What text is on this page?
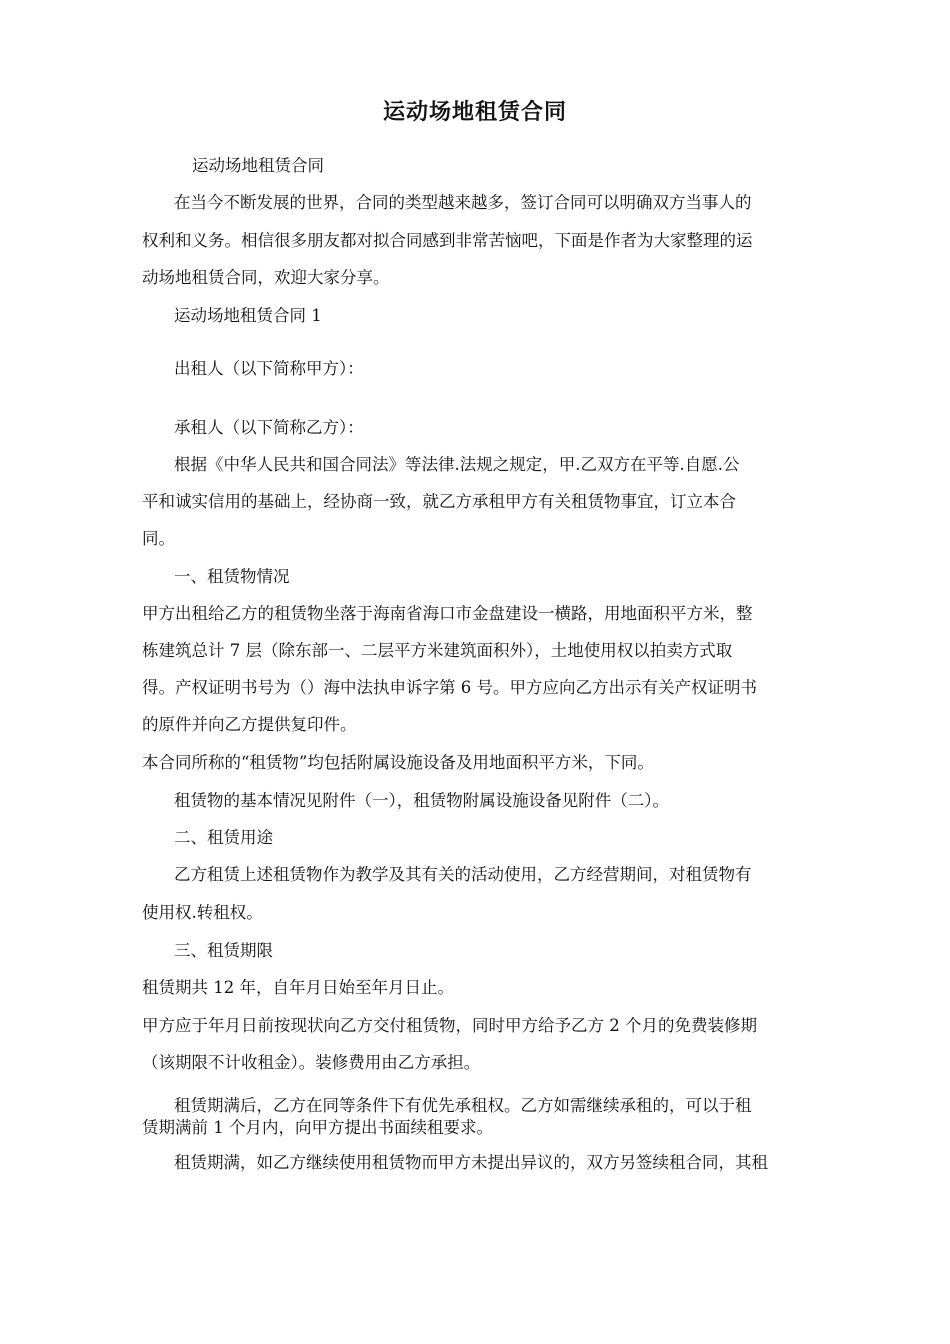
运动场地租赁合同
运动场地租赁合同
在当今不断发展的世界，合同的类型越来越多，签订合同可以明确双方当事人的
权利和义务。相信很多朋友都对拟合同感到非常苦恼吧，下面是作者为大家整理的运
动场地租赁合同，欢迎大家分享。
运动场地租赁合同 1
出租人（以下简称甲方）：
承租人（以下简称乙方）：
根据《中华人民共和国合同法》等法律.法规之规定，甲.乙双方在平等.自愿.公
平和诚实信用的基础上，经协商一致，就乙方承租甲方有关租赁物事宜，订立本合
同。
一、租赁物情况
甲方出租给乙方的租赁物坐落于海南省海口市金盘建设一横路，用地面积平方米，整
栋建筑总计 7 层（除东部一、二层平方米建筑面积外），土地使用权以拍卖方式取
得。产权证明书号为（）海中法执申诉字第 6 号。甲方应向乙方出示有关产权证明书
的原件并向乙方提供复印件。
本合同所称的“租赁物”均包括附属设施设备及用地面积平方米，下同。
租赁物的基本情况见附件（一），租赁物附属设施设备见附件（二）。
二、租赁用途
乙方租赁上述租赁物作为教学及其有关的活动使用，乙方经营期间，对租赁物有
使用权.转租权。
三、租赁期限
租赁期共 12 年，自年月日始至年月日止。
甲方应于年月日前按现状向乙方交付租赁物，同时甲方给予乙方 2 个月的免费装修期
（该期限不计收租金）。装修费用由乙方承担。
租赁期满后，乙方在同等条件下有优先承租权。乙方如需继续承租的，可以于租
赁期满前 1 个月内，向甲方提出书面续租要求。
租赁期满，如乙方继续使用租赁物而甲方未提出异议的，双方另签续租合同，其租
